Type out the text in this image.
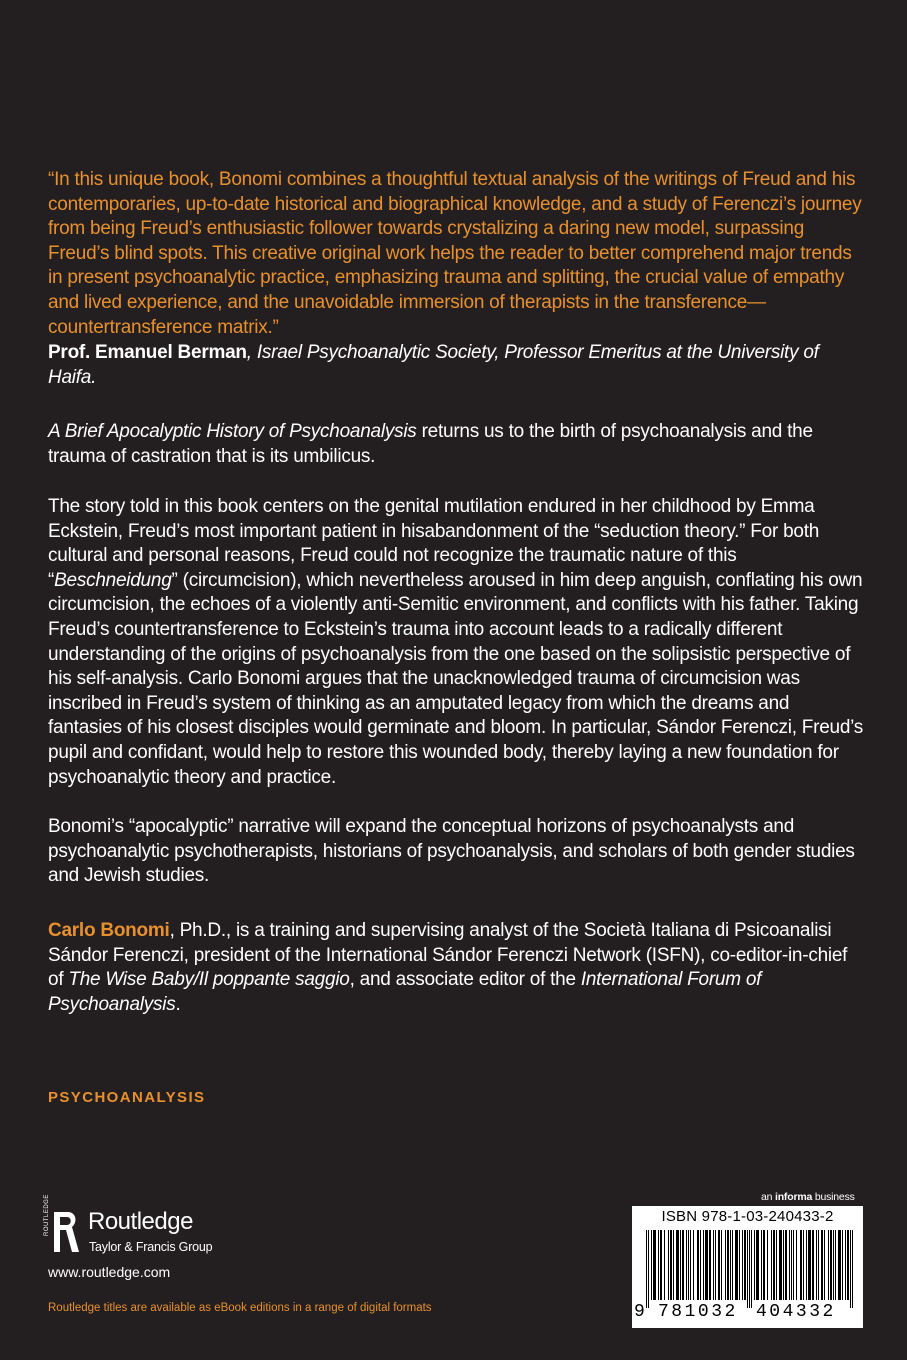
“In this unique book, Bonomi combines a thoughtful textual analysis of the writings of Freud and his contemporaries, up-to-date historical and biographical knowledge, and a study of Ferenczi’s journey from being Freud’s enthusiastic follower towards crystalizing a daring new model, surpassing Freud’s blind spots. This creative original work helps the reader to better comprehend major trends in present psychoanalytic practice, emphasizing trauma and splitting, the crucial value of empathy and lived experience, and the unavoidable immersion of therapists in the transference—countertransference matrix.”
Prof. Emanuel Berman, Israel Psychoanalytic Society, Professor Emeritus at the University of Haifa.
A Brief Apocalyptic History of Psychoanalysis returns us to the birth of psychoanalysis and the trauma of castration that is its umbilicus.
The story told in this book centers on the genital mutilation endured in her childhood by Emma Eckstein, Freud’s most important patient in hisabandonment of the “seduction theory.” For both cultural and personal reasons, Freud could not recognize the traumatic nature of this “Beschneidung” (circumcision), which nevertheless aroused in him deep anguish, conflating his own circumcision, the echoes of a violently anti-Semitic environment, and conflicts with his father. Taking Freud’s countertransference to Eckstein’s trauma into account leads to a radically different understanding of the origins of psychoanalysis from the one based on the solipsistic perspective of his self-analysis. Carlo Bonomi argues that the unacknowledged trauma of circumcision was inscribed in Freud’s system of thinking as an amputated legacy from which the dreams and fantasies of his closest disciples would germinate and bloom. In particular, Sándor Ferenczi, Freud’s pupil and confidant, would help to restore this wounded body, thereby laying a new foundation for psychoanalytic theory and practice.
Bonomi’s “apocalyptic” narrative will expand the conceptual horizons of psychoanalysts and psychoanalytic psychotherapists, historians of psychoanalysis, and scholars of both gender studies and Jewish studies.
Carlo Bonomi, Ph.D., is a training and supervising analyst of the Società Italiana di Psicoanalisi Sándor Ferenczi, president of the International Sándor Ferenczi Network (ISFN), co-editor-in-chief of The Wise Baby/Il poppante saggio, and associate editor of the International Forum of Psychoanalysis.
PSYCHOANALYSIS
ROUTLEDGE Routledge
Taylor & Francis Group
www.routledge.com
Routledge titles are available as eBook editions in a range of digital formats
an informa business
ISBN 978-1-03-240433-2
9 781032 404332
